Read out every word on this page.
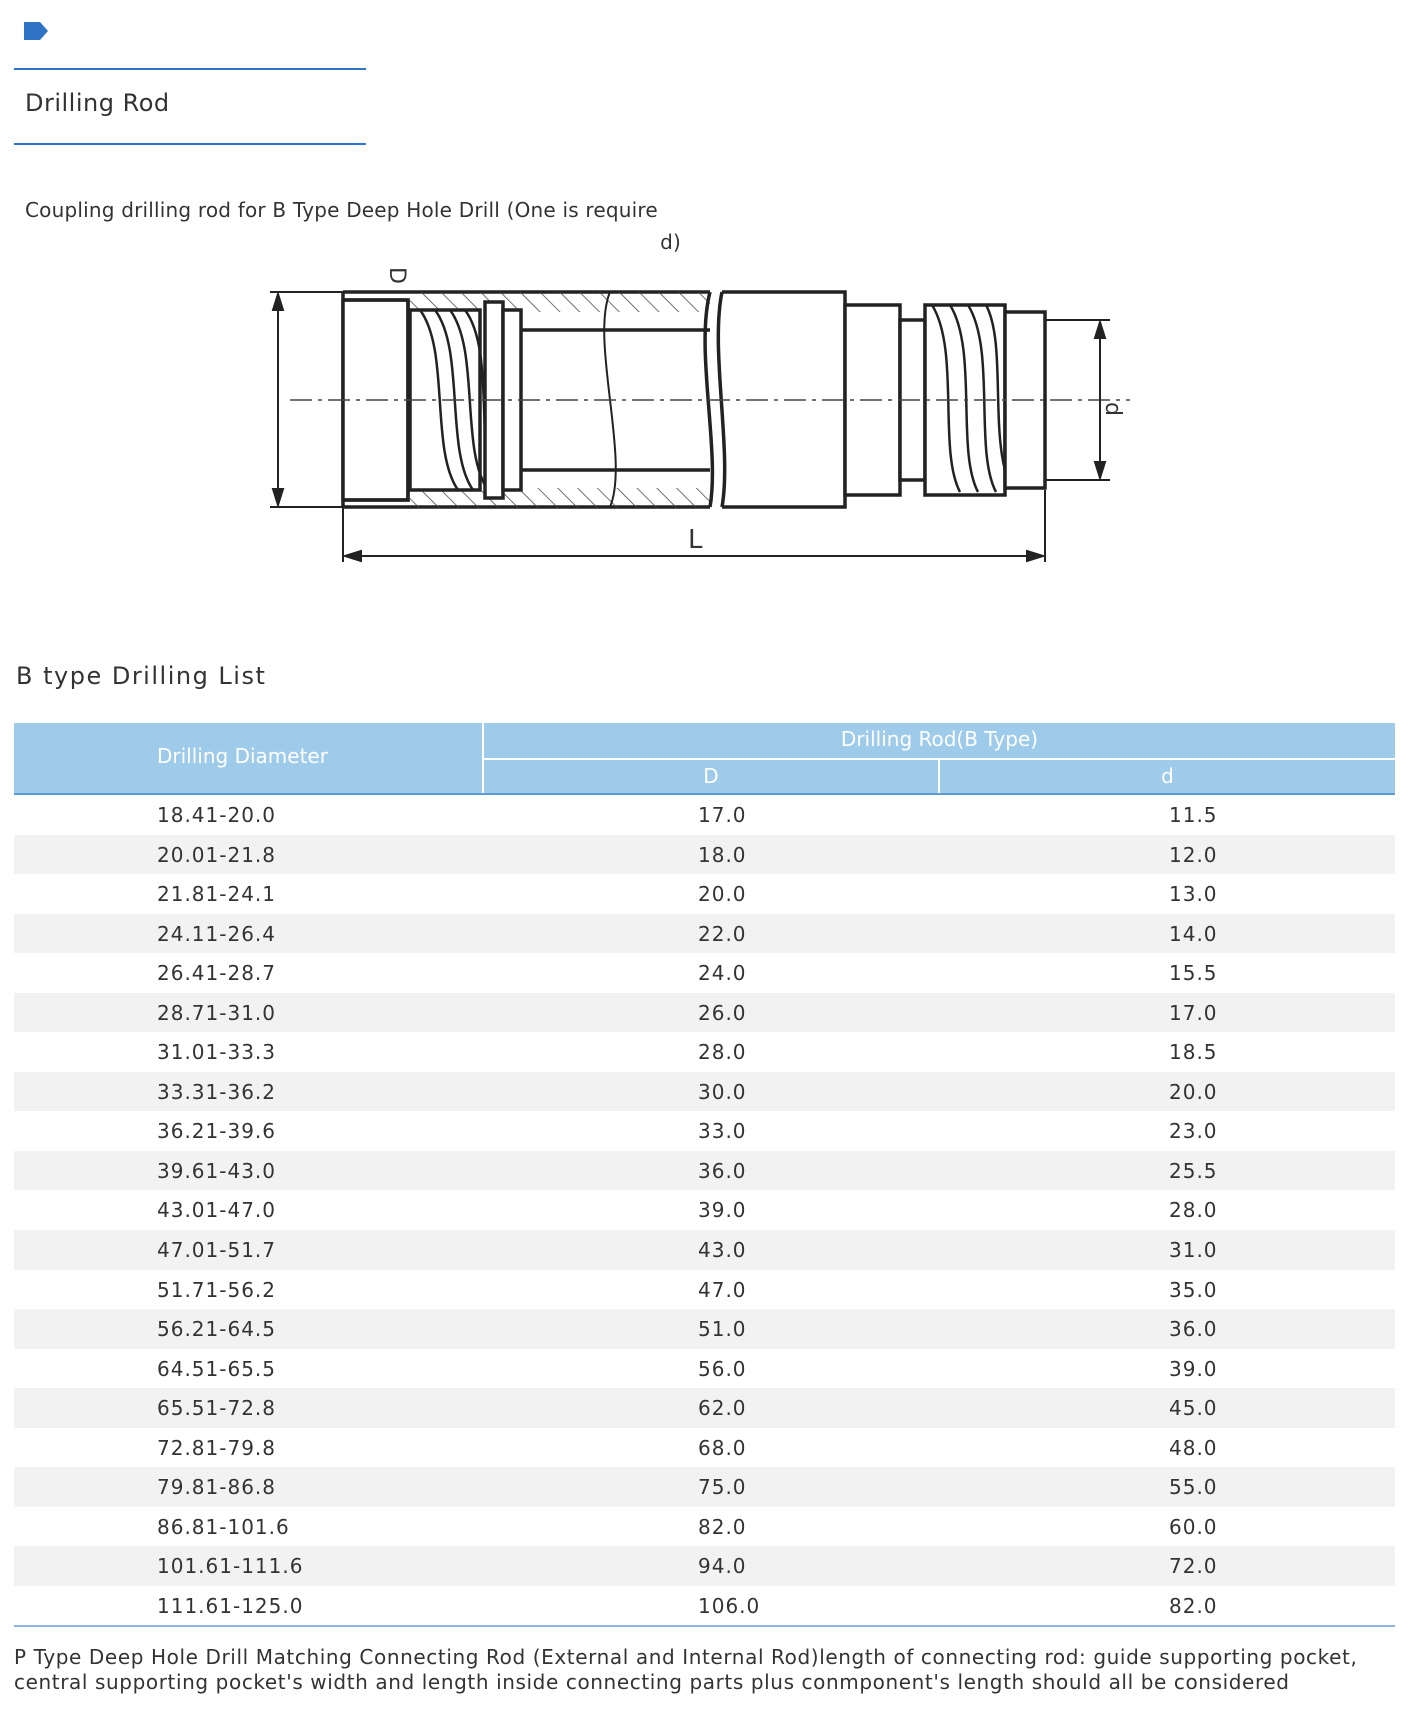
Drilling Rod
Coupling drilling rod for B Type Deep Hole Drill (One is require
d)
D
d
L
B type Drilling List
Drilling Diameter
Drilling Rod(B Type)
D	d
18.41-20.0	17.0	11.5
20.01-21.8	18.0	12.0
21.81-24.1	20.0	13.0
24.11-26.4	22.0	14.0
26.41-28.7	24.0	15.5
28.71-31.0	26.0	17.0
31.01-33.3	28.0	18.5
33.31-36.2	30.0	20.0
36.21-39.6	33.0	23.0
39.61-43.0	36.0	25.5
43.01-47.0	39.0	28.0
47.01-51.7	43.0	31.0
51.71-56.2	47.0	35.0
56.21-64.5	51.0	36.0
64.51-65.5	56.0	39.0
65.51-72.8	62.0	45.0
72.81-79.8	68.0	48.0
79.81-86.8	75.0	55.0
86.81-101.6	82.0	60.0
101.61-111.6	94.0	72.0
111.61-125.0	106.0	82.0
P Type Deep Hole Drill Matching Connecting Rod (External and Internal Rod)length of connecting rod: guide supporting pocket, central supporting pocket's width and length inside connecting parts plus conmponent's length should all be considered
